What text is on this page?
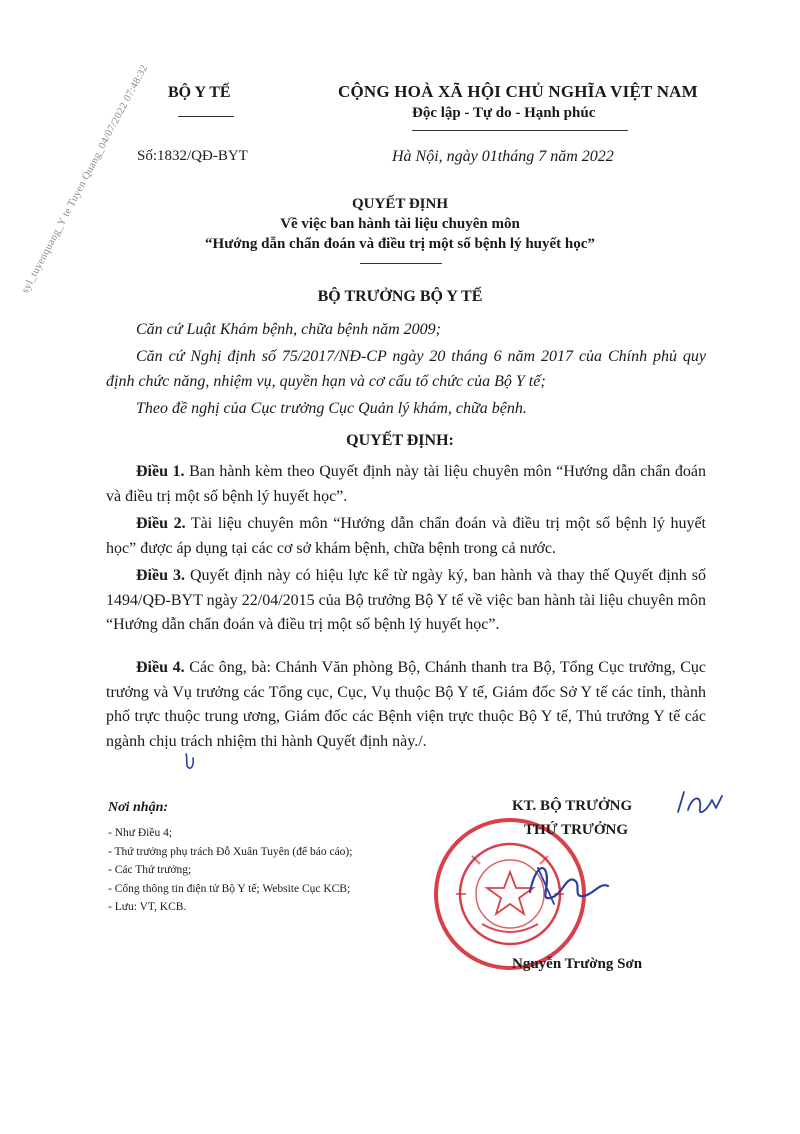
BỘ Y TẾ	CỘNG HOÀ XÃ HỘI CHỦ NGHĨA VIỆT NAM
Độc lập - Tự do - Hạnh phúc
Số:1832/QĐ-BYT	Hà Nội, ngày 01tháng 7 năm 2022
syl_tuyenquang_Y te Tuyen Quang_04/07/2022 07:48:32	QUYẾT ĐỊNH
Về việc ban hành tài liệu chuyên môn
“Hướng dẫn chẩn đoán và điều trị một số bệnh lý huyết học”
BỘ TRƯỞNG BỘ Y TẾ
Căn cứ Luật Khám bệnh, chữa bệnh năm 2009;
Căn cứ Nghị định số 75/2017/NĐ-CP ngày 20 tháng 6 năm 2017 của Chính phủ quy định chức năng, nhiệm vụ, quyền hạn và cơ cấu tổ chức của Bộ Y tế;
Theo đề nghị của Cục trưởng Cục Quản lý khám, chữa bệnh.
QUYẾT ĐỊNH:
Điều 1. Ban hành kèm theo Quyết định này tài liệu chuyên môn “Hướng dẫn chẩn đoán và điều trị một số bệnh lý huyết học”.
Điều 2. Tài liệu chuyên môn “Hướng dẫn chẩn đoán và điều trị một số bệnh lý huyết học” được áp dụng tại các cơ sở khám bệnh, chữa bệnh trong cả nước.
Điều 3. Quyết định này có hiệu lực kể từ ngày ký, ban hành và thay thế Quyết định số 1494/QĐ-BYT ngày 22/04/2015 của Bộ trưởng Bộ Y tế về việc ban hành tài liệu chuyên môn “Hướng dẫn chẩn đoán và điều trị một số bệnh lý huyết học”.
Điều 4. Các ông, bà: Chánh Văn phòng Bộ, Chánh thanh tra Bộ, Tổng Cục trưởng, Cục trưởng và Vụ trưởng các Tổng cục, Cục, Vụ thuộc Bộ Y tế, Giám đốc Sở Y tế các tỉnh, thành phố trực thuộc trung ương, Giám đốc các Bệnh viện trực thuộc Bộ Y tế, Thủ trưởng Y tế các ngành chịu trách nhiệm thi hành Quyết định này./.
Nơi nhận:
- Như Điều 4;
- Thứ trưởng phụ trách Đỗ Xuân Tuyên (để báo cáo);
- Các Thứ trưởng;
- Cổng thông tin điện tử Bộ Y tế; Website Cục KCB;
- Lưu: VT, KCB.
KT. BỘ TRƯỞNG
THỨ TRƯỞNG
Nguyễn Trường Sơn
